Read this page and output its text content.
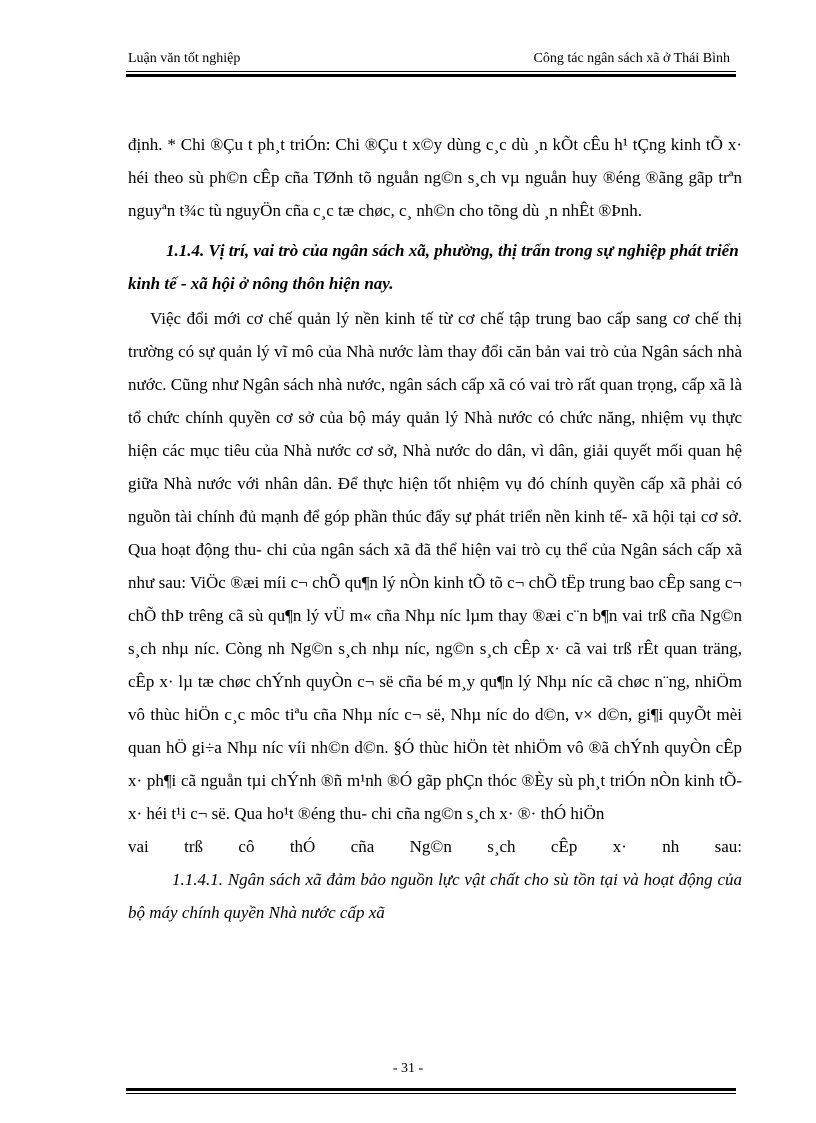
Luận văn tốt nghiệp	Công tác ngân sách xã ở Thái Bình

định. * Chi ®Çu t ph¸t triÓn: Chi ®Çu t x©y dùng c¸c dù ¸n kÕt cÊu h¹ tÇng kinh tÕ x· héi theo sù ph©n cÊp cña TØnh tõ nguån ng©n s¸ch vµ nguån huy ®éng ®ãng gãp trªn nguyªn t¾c tù nguyÖn cña c¸c tæ chøc, c¸ nh©n cho tõng dù ¸n nhÊt ®Þnh.

1.1.4. Vị trí, vai trò của ngân sách xã, phường, thị trấn trong sự nghiệp phát triển kinh tế - xã hội ở nông thôn hiện nay.

Việc đổi mới cơ chế quản lý nền kinh tế từ cơ chế tập trung bao cấp sang cơ chế thị trường có sự quản lý vĩ mô của Nhà nước làm thay đổi căn bản vai trò của Ngân sách nhà nước. Cũng như Ngân sách nhà nước, ngân sách cấp xã có vai trò rất quan trọng, cấp xã là tổ chức chính quyền cơ sở của bộ máy quản lý Nhà nước có chức năng, nhiệm vụ thực hiện các mục tiêu của Nhà nước cơ sở, Nhà nước do dân, vì dân, giải quyết mối quan hệ giữa Nhà nước với nhân dân. Để thực hiện tốt nhiệm vụ đó chính quyền cấp xã phải có nguồn tài chính đủ mạnh để góp phần thúc đẩy sự phát triển nền kinh tế- xã hội tại cơ sở. Qua hoạt động thu- chi của ngân sách xã đã thể hiện vai trò cụ thể của Ngân sách cấp xã như sau: ViÖc ®æi míi c¬ chÕ qu¶n lý nÒn kinh tÕ tõ c¬ chÕ tËp trung bao cÊp sang c¬ chÕ thÞ trêng cã sù qu¶n lý vÜ m« cña Nhµ níc lµm thay ®æi c¨n b¶n vai trß cña Ng©n s¸ch nhµ níc. Còng nh Ng©n s¸ch nhµ níc, ng©n s¸ch cÊp x· cã vai trß rÊt quan träng, cÊp x· lµ tæ chøc chÝnh quyÒn c¬ së cña bé m¸y qu¶n lý Nhµ níc cã chøc n¨ng, nhiÖm vô thùc hiÖn c¸c môc tiªu cña Nhµ níc c¬ së, Nhµ níc do d©n, v× d©n, gi¶i quyÕt mèi quan hÖ gi÷a Nhµ níc víi nh©n d©n. §Ó thùc hiÖn tèt nhiÖm vô ®ã chÝnh quyÒn cÊp x· ph¶i cã nguån tµi chÝnh ®ñ m¹nh ®Ó gãp phÇn thóc ®Èy sù ph¸t triÓn nÒn kinh tÕ- x· héi t¹i c¬ së. Qua ho¹t ®éng thu- chi cña ng©n s¸ch x· ®· thÓ hiÖn

vai trß cô thÓ cña Ng©n s¸ch cÊp x· nh sau:

1.1.4.1. Ngân sách xã đảm bảo nguồn lực vật chất cho sù tồn tại và hoạt động của bộ máy chính quyền Nhà nước cấp xã

- 31 -
